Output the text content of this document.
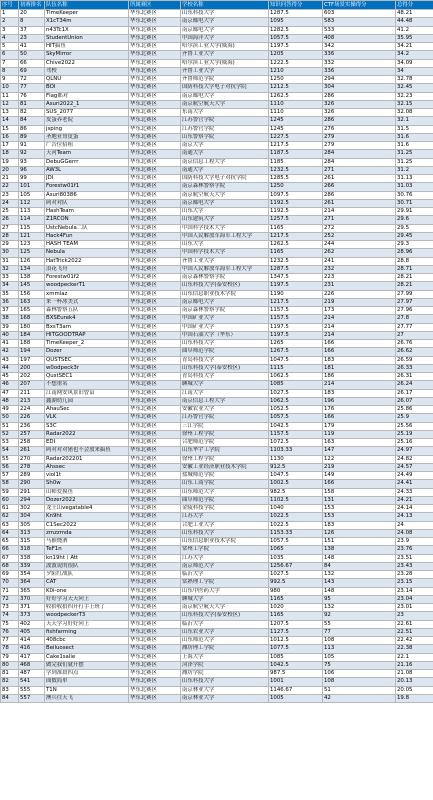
序号	初赛排名	队伍名称	所属赛区	学校名称	知识问答得分	CTF场景实操得分	总得分
1	20	TimeKeeper	华东北赛区	山东科技大学	1287.5	603	48.21
2	8	X1cT34m	华东北赛区	南京邮电大学	1095	583	44.48
3	37	n43Tc1X	华东北赛区	南京邮电大学	1282.5	533	41.2
4	23	StudentUnion	华东北赛区	中国海洋大学	1057.5	408	35.95
5	41	HIT搞鱼	华东北赛区	哈尔滨工业大学(威海)	1197.5	342	34.21
6	50	SkyMirror	华东北赛区	齐鲁工业大学	1205	336	34.2
7	66	Chive2022	华东北赛区	哈尔滨工业大学(威海)	1222.5	332	34.09
8	69	驾校	华东北赛区	齐鲁工业大学	1210	336	34
9	72	QLNU	华东北赛区	齐鲁师范学院	1250	294	32.78
10	77	BOI	华东北赛区	国防科技大学电子对抗学院	1212.5	304	32.45
11	76	Flag都对	华东北赛区	南京邮电大学	1262.5	286	32.23
12	81	Asuri2022_1	华东北赛区	南京航空航天大学	1110	326	32.15
13	82	SUS_2077	华东北赛区	东南大学	1110	326	32.08
14	84	皮蛋养老院	华东北赛区	江苏警官学院	1245	286	32.1
15	86	jsping	华东北赛区	江苏警官学院	1245	276	31.5
16	89	圣地亚哥皮蛋	华东北赛区	山东警察学院	1227.5	279	31.6
17	91	广告位招租	华东北赛区	南京大学	1217.5	279	31.6
18	92	天河Team	华东北赛区	南通大学	1187.5	284	31.25
19	93	DebuGGerrr	华东北赛区	南京信息工程大学	1185	284	31.25
20	96	AW3L	华东北赛区	南通大学	1232.5	271	31.2
21	99	JDI	华东北赛区	国防科技大学电子对抗学院	1285.5	261	31.13
22	101	Forestw01f1	华东北赛区	南京森林警察学院	1250	266	31.03
23	105	Asuri80386	华东北赛区	南京航空航天大学	1097.5	286	30.76
24	112	阿对对队	华东北赛区	南京邮电大学	1192.5	261	30.71
25	113	HashTeam	华东北赛区	山东大学	1192.5	214	29.91
26	114	Z1RCON	华东北赛区	山东建筑大学	1257.5	271	29.6
27	115	UstcNebula二队	华东北赛区	中国科学技术大学	1165	272	29.5
28	121	Hack4Fun	华东北赛区	中国人民解放军海军工程大学	1217.5	252	29.45
29	123	HASH TEAM	华东北赛区	山东大学	1262.5	244	29.3
30	125	Nebula	华东北赛区	中国科学技术大学	1165	262	28.96
31	126	HatTrick2022	华东北赛区	齐鲁工业大学	1232.5	241	28.8
32	134	浪花飞舟	华东北赛区	中国人民解放军海军工程大学	1287.5	232	28.71
33	138	Forestw01f2	华东北赛区	南京森林警察学院	1347.5	223	28.21
34	145	woodpeckerT1	华东北赛区	山东科技大学(泰安校区)	1197.5	231	28.21
35	156	xmmlaz	华东北赛区	山东信息职业技术学院	1190	226	27.99
36	163	来一杯冰美式	华东北赛区	南京邮电大学	1217.5	219	27.97
37	165	森林警察五队	华东北赛区	南京森林警察学院	1157.5	173	27.96
38	168	BXSEurek4	华东北赛区	中国矿业大学	1157.5	214	27.8
39	180	BxsT3am	华东北赛区	中国矿业大学	1197.5	214	27.77
40	184	HITGOODTRAP	华东北赛区	中国石油大学（华东）	1197.5	214	27
41	188	TimeKeeper_2	华东北赛区	山东科技大学	1265	166	26.76
42	194	Dozer	华东北赛区	曲阜师范学院	1267.5	166	26.62
43	197	QUSTSEC	华东北赛区	青岛科技大学	1047.5	183	26.59
44	200	w0odpeck3r	华东北赛区	山东科技大学(泰安校区)	1115	181	26.33
45	202	QustSEC1	华东北赛区	青岛科技大学	1062.5	186	26.31
46	207	不想重名	华东北赛区	聊城大学	1085	214	26.24
47	211	江南网安风景旧曾谙	华东北赛区	江南大学	1027.5	183	26.17
48	213	鑫湖幼儿园	华东北赛区	南京信息工程大学	1062.5	196	26.07
49	224	AhauSec	华东北赛区	安徽农业大学	1052.5	176	25.86
50	226	VLK	华东北赛区	江苏警官学院	1057.5	166	25.9
51	236	S3C	华东北赛区	三江学院	1042.5	179	25.56
52	257	Radar2022	华东北赛区	徐州工程学院	1157.5	119	25.19
53	258	EDI	华东北赛区	合肥师范学院	1072.5	163	25.16
54	261	阿对对对猪也不会放来搞鱼	华东北赛区	山东华宇工学院	1103.33	147	24.97
55	270	Radar202201	华东北赛区	徐州工程学院	1130	122	24.82
56	278	Ahssec	华东北赛区	安徽工业经济职业技术学院	912.5	219	24.57
57	289	viol1t	华东北赛区	盐城师范学院	1047.5	149	24.49
58	290	Sh0w	华东北赛区	山东工商学院	1002.5	166	24.41
59	291	山师爱摸鱼	华东北赛区	山东师范大学	982.5	158	24.33
60	294	Dozer2022	华东北赛区	曲阜师范学院	1102.5	131	24.21
61	302	龙王山vegatable4	华东北赛区	金陵科技学院	1040	153	24.14
62	304	Kn9ht	华东北赛区	江苏大学	1022.5	153	24.13
63	305	C1Sec2022	华东北赛区	合肥工业大学	1022.5	183	24
64	313	zmzzmda	华东北赛区	山东科技大学	1153.33	126	24.08
65	315	马猴烧酒	华东北赛区	山东信息职业技术学院	1057.5	151	23.9
66	318	TeF1n	华东北赛区	常州工学院	1065	138	23.76
67	338	kn19ht丨Att	华东北赛区	江苏大学	1035	148	23.51
68	339	波波说的很队	华东北赛区	南京师范大学	1256.67	84	23.43
69	354	夕阳红战队	华东北赛区	临沂大学	1027.5	132	23.28
70	364	CAT	华东北赛区	常熟理工学院	992.5	143	23.15
71	365	K0i-one	华东北赛区	山东中医药大学	980	148	23.14
72	370	好好学习天天向上	华东北赛区	聊城大学	1165	95	23.04
73	371	收拾收拾四开打手上班了	华东北赛区	南京航空航天大学	1020	132	23.01
74	373	woodpeckerT3	华东北赛区	山东科技大学(泰安校区)	1165	92	23
75	402	天天学习好好向上	华东北赛区	临沂大学	1207.5	55	22.61
76	405	fishfarming	华东北赛区	山东农业大学	1127.5	77	22.51
77	414	408cbc	华东北赛区	山东师范大学	1012.5	108	22.42
78	416	Beiluosect	华东北赛区	潍坊理工学院	1077.5	113	22.38
79	417	Cake1salie	华东北赛区	上海大学	1085	105	22.1
80	468	做完我们就开摆	华东北赛区	菏泽学院	1042.5	75	21.16
81	487	学到准晨四点	华东北赛区	潍坊学院	987.5	106	21.08
82	541	面数简单	华东北赛区	山东科技大学	1001	108	20.13
83	555	T1N	华东北赛区	南京林业大学	1146.67	51	20.05
84	557	澳兵往天飞	华东北赛区	南京林业大学	1005	42	19.8
